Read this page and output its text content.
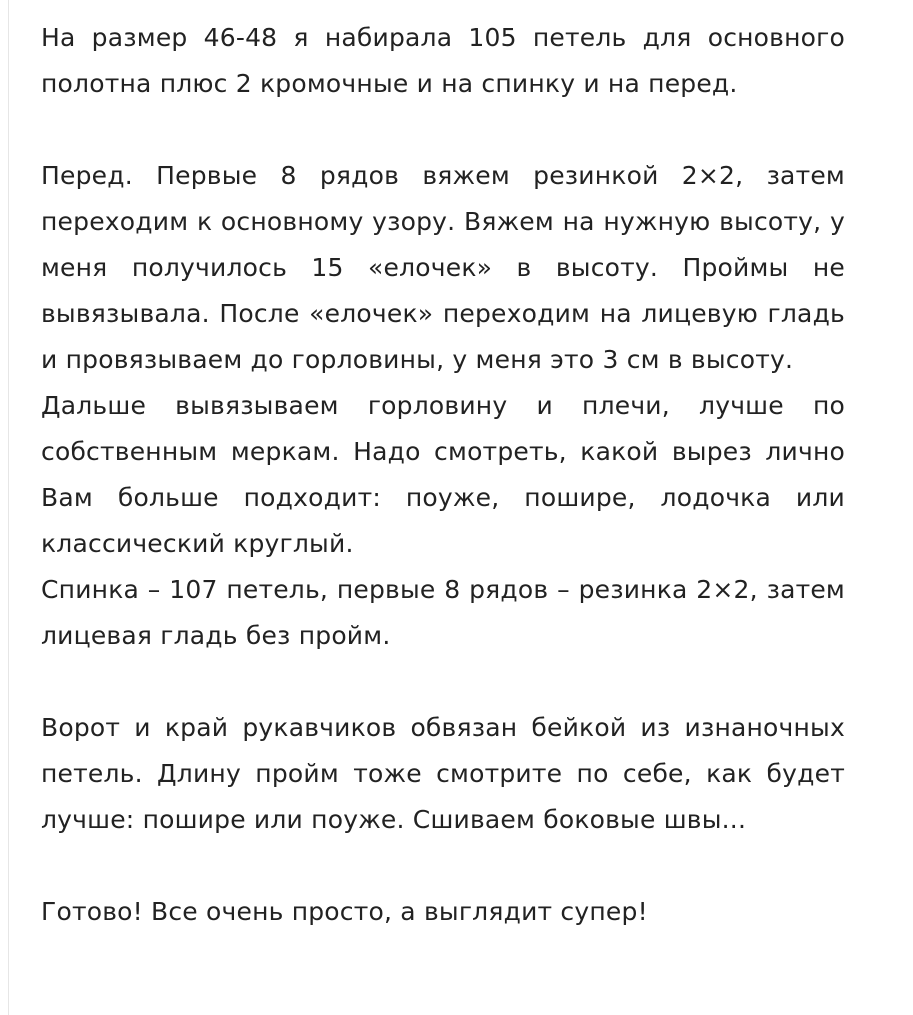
На размер 46-48 я набирала 105 петель для основного полотна плюс 2 кромочные и на спинку и на перед.

Перед. Первые 8 рядов вяжем резинкой 2×2, затем переходим к основному узору. Вяжем на нужную высоту, у меня получилось 15 «елочек» в высоту. Проймы не вывязывала. После «елочек» переходим на лицевую гладь и провязываем до горловины, у меня это 3 см в высоту.

Дальше вывязываем горловину и плечи, лучше по собственным меркам. Надо смотреть, какой вырез лично Вам больше подходит: поуже, пошире, лодочка или классический круглый.

Спинка – 107 петель, первые 8 рядов – резинка 2×2, затем лицевая гладь без пройм.

Ворот и край рукавчиков обвязан бейкой из изнаночных петель. Длину пройм тоже смотрите по себе, как будет лучше: пошире или поуже. Сшиваем боковые швы...

Готово! Все очень просто, а выглядит супер!
